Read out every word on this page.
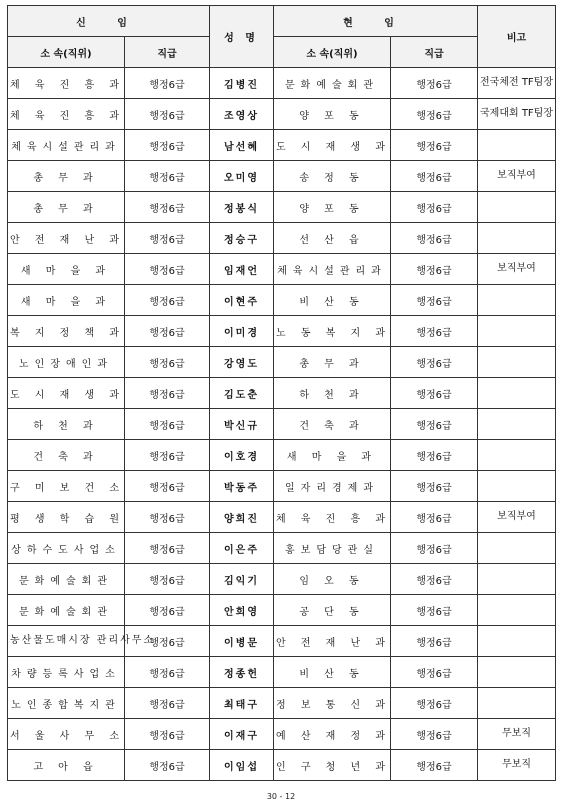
신 임		성 명	현 임		비고
소 속(직위)	직급		소 속(직위)	직급	
체 육 진 흥 과	행정6급	김병진	문화예술회관	행정6급	전국체전 TF팀장
체 육 진 흥 과	행정6급	조영상	양 포 동	행정6급	국제대회 TF팀장
체육시설관리과	행정6급	남선혜	도 시 재 생 과	행정6급	
총 무 과	행정6급	오미영	송 정 동	행정6급	보직부여
총 무 과	행정6급	정봉식	양 포 동	행정6급	
안 전 재 난 과	행정6급	정승구	선 산 읍	행정6급	
새 마 을 과	행정6급	임재언	체육시설관리과	행정6급	보직부여
새 마 을 과	행정6급	이현주	비 산 동	행정6급	
복 지 정 책 과	행정6급	이미경	노 동 복 지 과	행정6급	
노인장애인과	행정6급	강영도	총 무 과	행정6급	
도 시 재 생 과	행정6급	김도춘	하 천 과	행정6급	
하 천 과	행정6급	박신규	건 축 과	행정6급	
건 축 과	행정6급	이호경	새 마 을 과	행정6급	
구 미 보 건 소	행정6급	박동주	일자리경제과	행정6급	
평 생 학 습 원	행정6급	양희진	체 육 진 흥 과	행정6급	보직부여
상하수도사업소	행정6급	이은주	홍보담당관실	행정6급	
문화예술회관	행정6급	김익기	임 오 동	행정6급	
문화예술회관	행정6급	안희영	공 단 동	행정6급	
농산물도매시장 관리사무소	행정6급	이병문	안 전 재 난 과	행정6급	
차량등록사업소	행정6급	정종헌	비 산 동	행정6급	
노인종합복지관	행정6급	최태구	정 보 통 신 과	행정6급	
서 울 사 무 소	행정6급	이재구	예 산 재 정 과	행정6급	무보직
고 아 읍	행정6급	이임섭	인 구 청 년 과	행정6급	무보직
30 - 12
